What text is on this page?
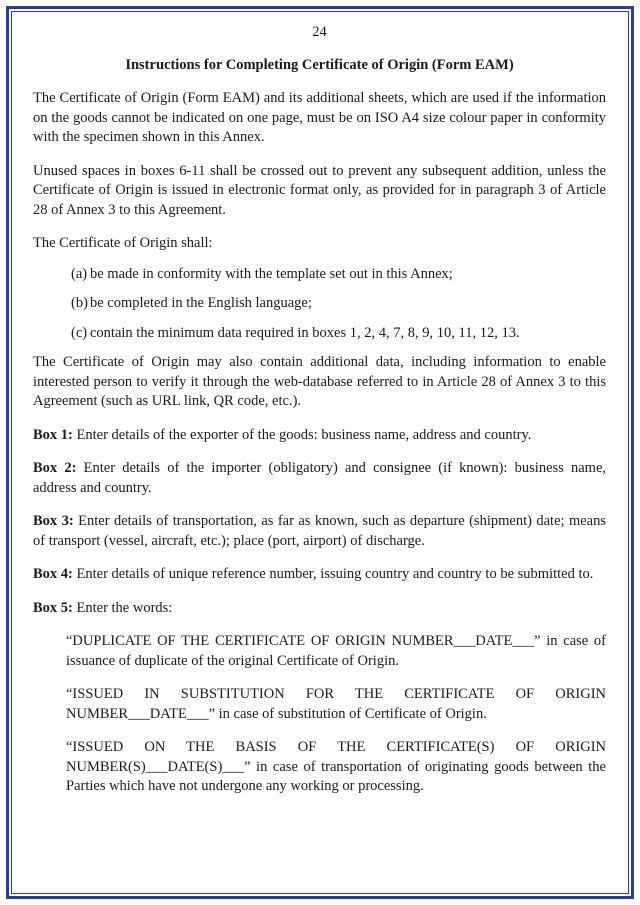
24
Instructions for Completing Certificate of Origin (Form EAM)

The Certificate of Origin (Form EAM) and its additional sheets, which are used if the information on the goods cannot be indicated on one page, must be on ISO A4 size colour paper in conformity with the specimen shown in this Annex.

Unused spaces in boxes 6-11 shall be crossed out to prevent any subsequent addition, unless the Certificate of Origin is issued in electronic format only, as provided for in paragraph 3 of Article 28 of Annex 3 to this Agreement.

The Certificate of Origin shall:

(a) be made in conformity with the template set out in this Annex;
(b) be completed in the English language;
(c) contain the minimum data required in boxes 1, 2, 4, 7, 8, 9, 10, 11, 12, 13.

The Certificate of Origin may also contain additional data, including information to enable interested person to verify it through the web-database referred to in Article 28 of Annex 3 to this Agreement (such as URL link, QR code, etc.).

Box 1: Enter details of the exporter of the goods: business name, address and country.

Box 2: Enter details of the importer (obligatory) and consignee (if known): business name, address and country.

Box 3: Enter details of transportation, as far as known, such as departure (shipment) date; means of transport (vessel, aircraft, etc.); place (port, airport) of discharge.

Box 4: Enter details of unique reference number, issuing country and country to be submitted to.

Box 5: Enter the words:

“DUPLICATE OF THE CERTIFICATE OF ORIGIN NUMBER___DATE___” in case of issuance of duplicate of the original Certificate of Origin.
“ISSUED IN SUBSTITUTION FOR THE CERTIFICATE OF ORIGIN NUMBER___DATE___” in case of substitution of Certificate of Origin.
“ISSUED ON THE BASIS OF THE CERTIFICATE(S) OF ORIGIN NUMBER(S)___DATE(S)___” in case of transportation of originating goods between the Parties which have not undergone any working or processing.
